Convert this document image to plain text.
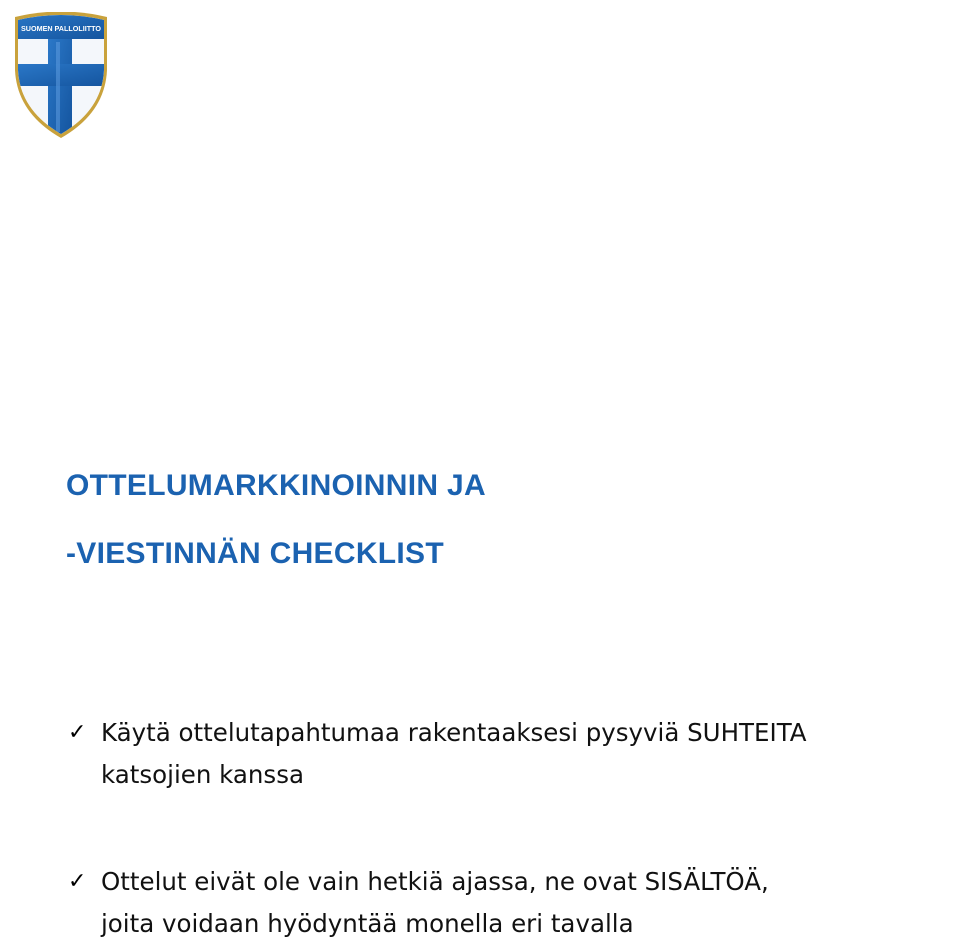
SUOMEN PALLOLIITTO
OTTELUMARKKINOINNIN JA
-VIESTINNÄN CHECKLIST
✓ Käytä ottelutapahtumaa rakentaaksesi pysyviä SUHTEITA
katsojien kanssa
✓ Ottelut eivät ole vain hetkiä ajassa, ne ovat SISÄLTÖÄ,
joita voidaan hyödyntää monella eri tavalla
